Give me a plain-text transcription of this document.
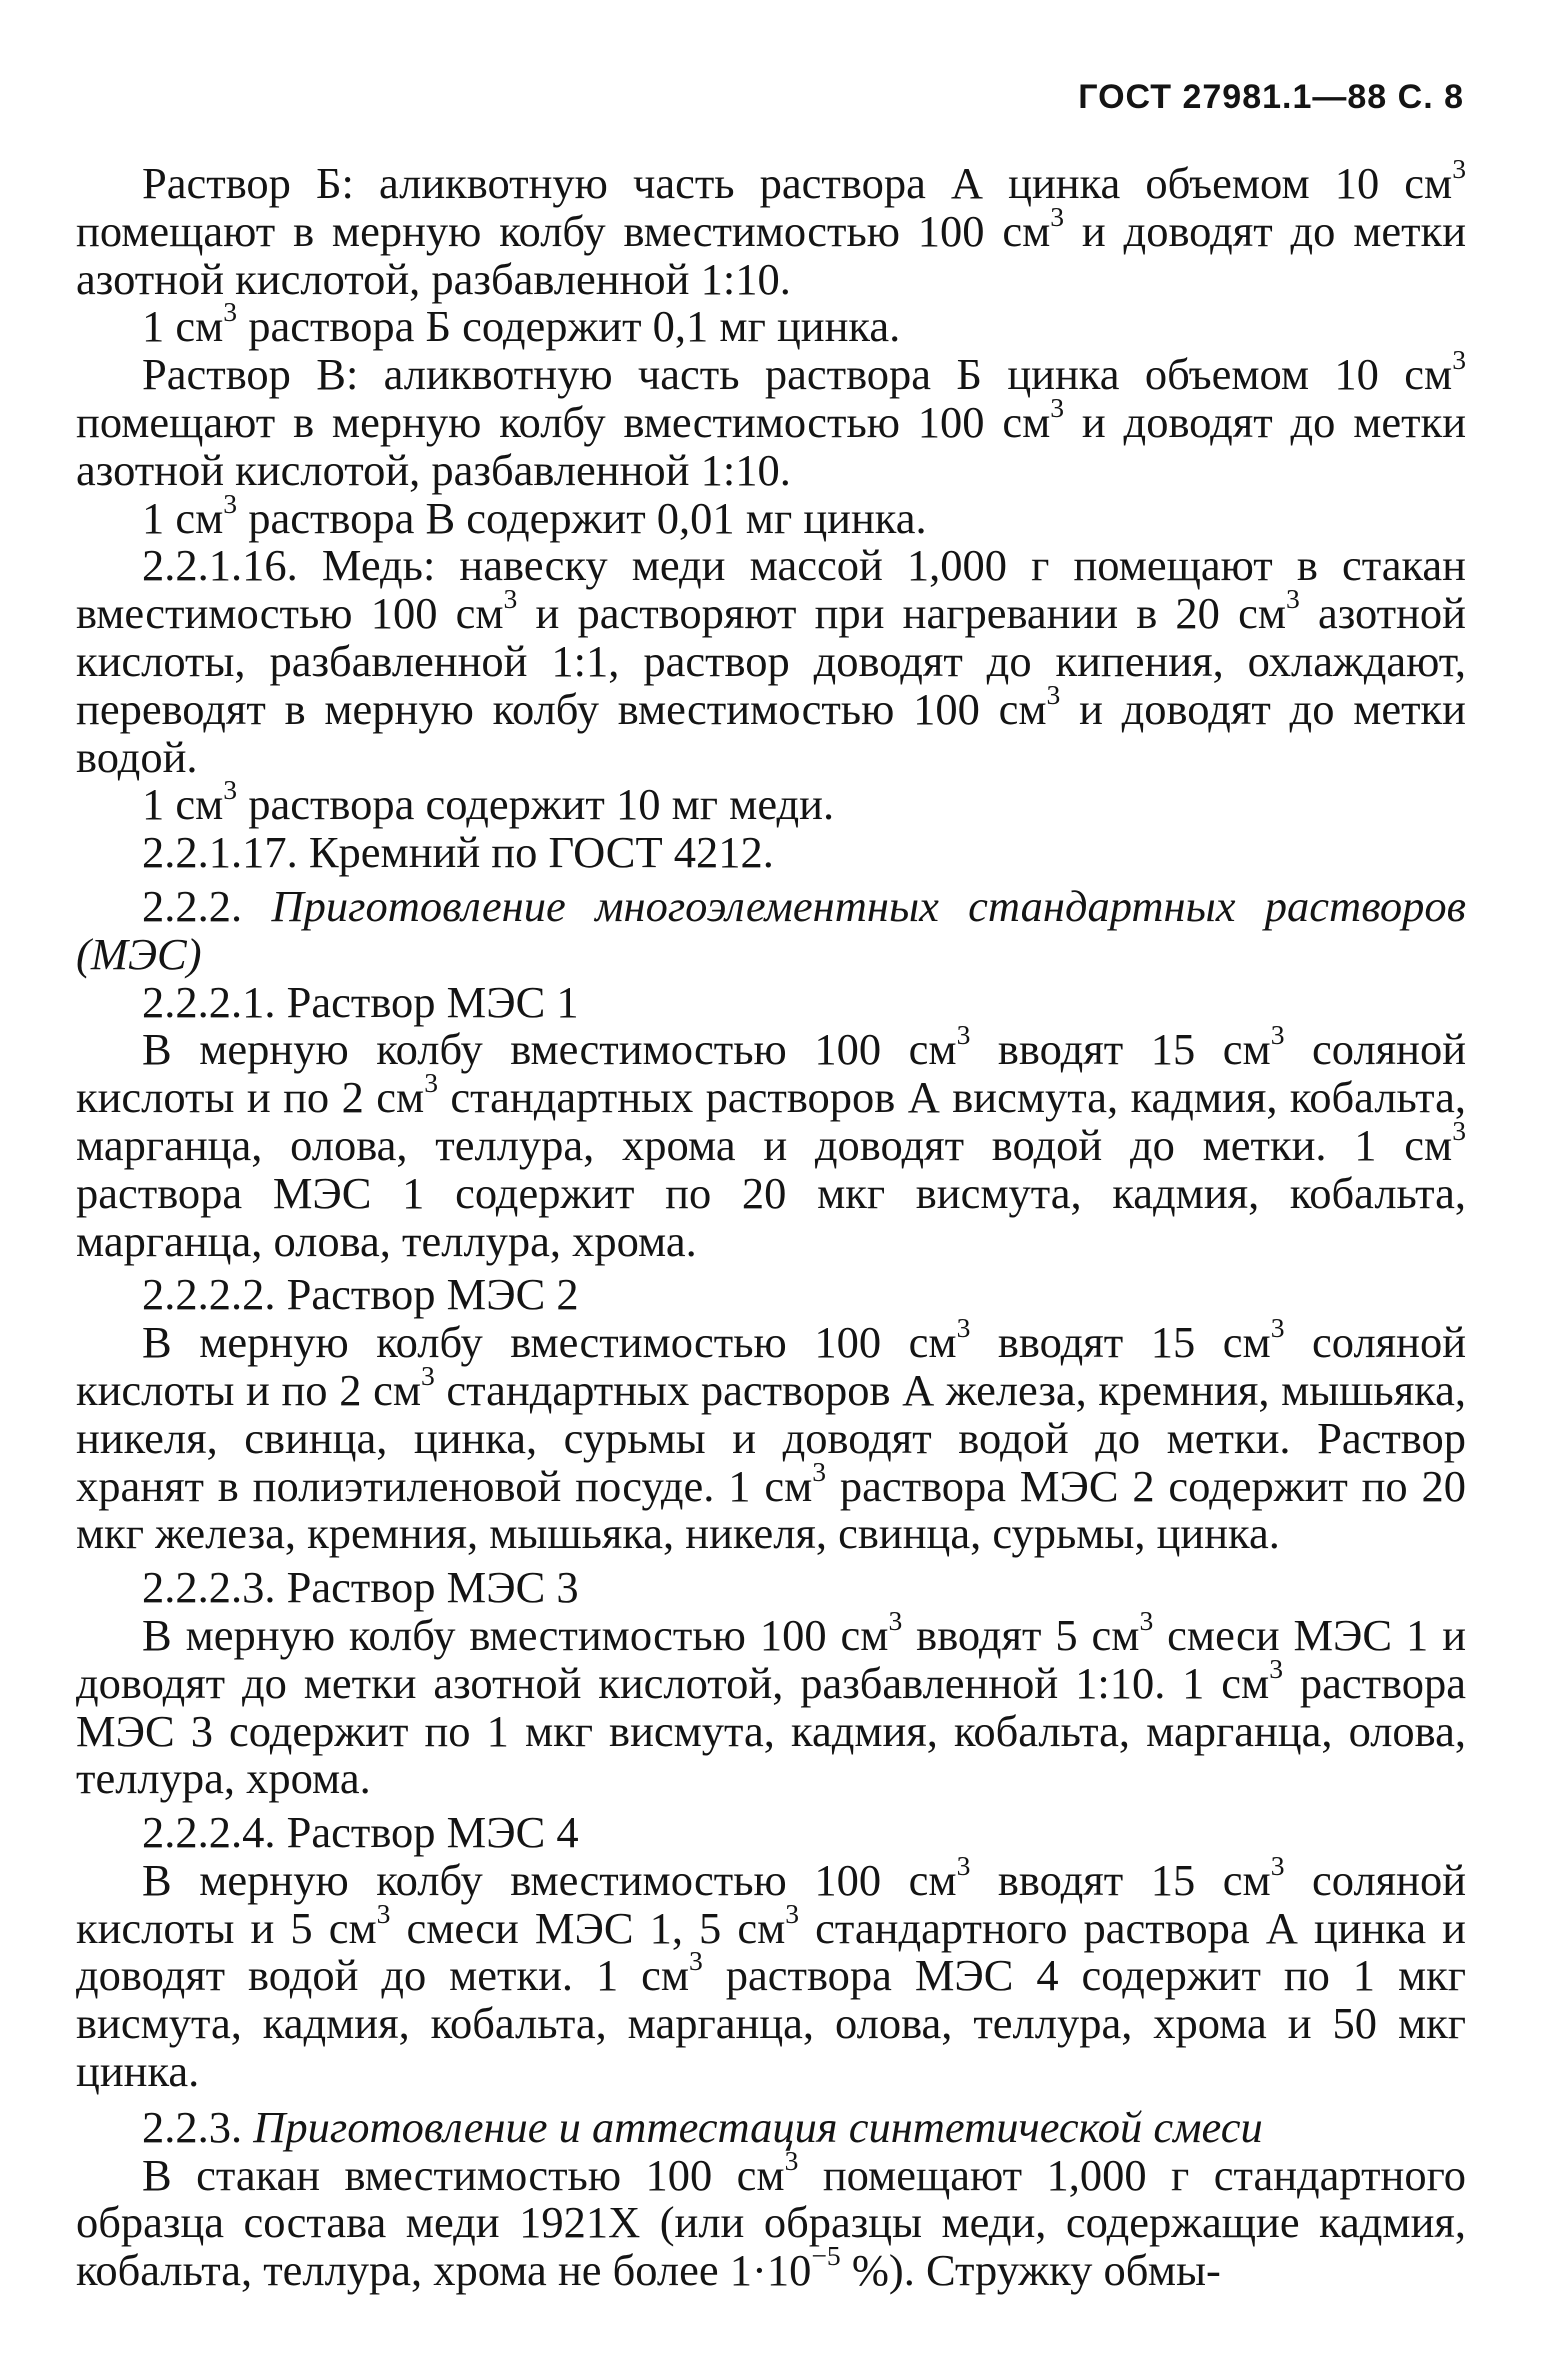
ГОСТ 27981.1—88 С. 8

Раствор Б: аликвотную часть раствора А цинка объемом 10 $см^3$ помещают в мерную колбу вместимостью 100 $см^3$ и доводят до метки азотной кислотой, разбавленной 1:10.

1 $см^3$ раствора Б содержит 0,1 мг цинка.

Раствор В: аликвотную часть раствора Б цинка объемом 10 $см^3$ помещают в мерную колбу вместимостью 100 $см^3$ и доводят до метки азотной кислотой, разбавленной 1:10.

1 $см^3$ раствора В содержит 0,01 мг цинка.

2.2.1.16. Медь: навеску меди массой 1,000 г помещают в стакан вместимостью 100 $см^3$ и растворяют при нагревании в 20 $см^3$ азотной кислоты, разбавленной 1:1, раствор доводят до кипения, охлаждают, переводят в мерную колбу вместимостью 100 $см^3$ и доводят до метки водой.

1 $см^3$ раствора содержит 10 мг меди.

2.2.1.17. Кремний по ГОСТ 4212.

2.2.2. Приготовление многоэлементных стандартных растворов (МЭС)

2.2.2.1. Раствор МЭС 1

В мерную колбу вместимостью 100 $см^3$ вводят 15 $см^3$ соляной кислоты и по 2 $см^3$ стандартных растворов А висмута, кадмия, кобальта, марганца, олова, теллура, хрома и доводят водой до метки. 1 $см^3$ раствора МЭС 1 содержит по 20 мкг висмута, кадмия, кобальта, марганца, олова, теллура, хрома.

2.2.2.2. Раствор МЭС 2

В мерную колбу вместимостью 100 $см^3$ вводят 15 $см^3$ соляной кислоты и по 2 $см^3$ стандартных растворов А железа, кремния, мышьяка, никеля, свинца, цинка, сурьмы и доводят водой до метки. Раствор хранят в полиэтиленовой посуде. 1 $см^3$ раствора МЭС 2 содержит по 20 мкг железа, кремния, мышьяка, никеля, свинца, сурьмы, цинка.

2.2.2.3. Раствор МЭС 3

В мерную колбу вместимостью 100 $см^3$ вводят 5 $см^3$ смеси МЭС 1 и доводят до метки азотной кислотой, разбавленной 1:10. 1 $см^3$ раствора МЭС 3 содержит по 1 мкг висмута, кадмия, кобальта, марганца, олова, теллура, хрома.

2.2.2.4. Раствор МЭС 4

В мерную колбу вместимостью 100 $см^3$ вводят 15 $см^3$ соляной кислоты и 5 $см^3$ смеси МЭС 1, 5 $см^3$ стандартного раствора А цинка и доводят водой до метки. 1 $см^3$ раствора МЭС 4 содержит по 1 мкг висмута, кадмия, кобальта, марганца, олова, теллура, хрома и 50 мкг цинка.

2.2.3. Приготовление и аттестация синтетической смеси

В стакан вместимостью 100 $см^3$ помещают 1,000 г стандартного образца состава меди 1921Х (или образцы меди, содержащие кадмия, кобальта, теллура, хрома не более $1\cdot 10^{-5}$ %). Стружку обмы-
